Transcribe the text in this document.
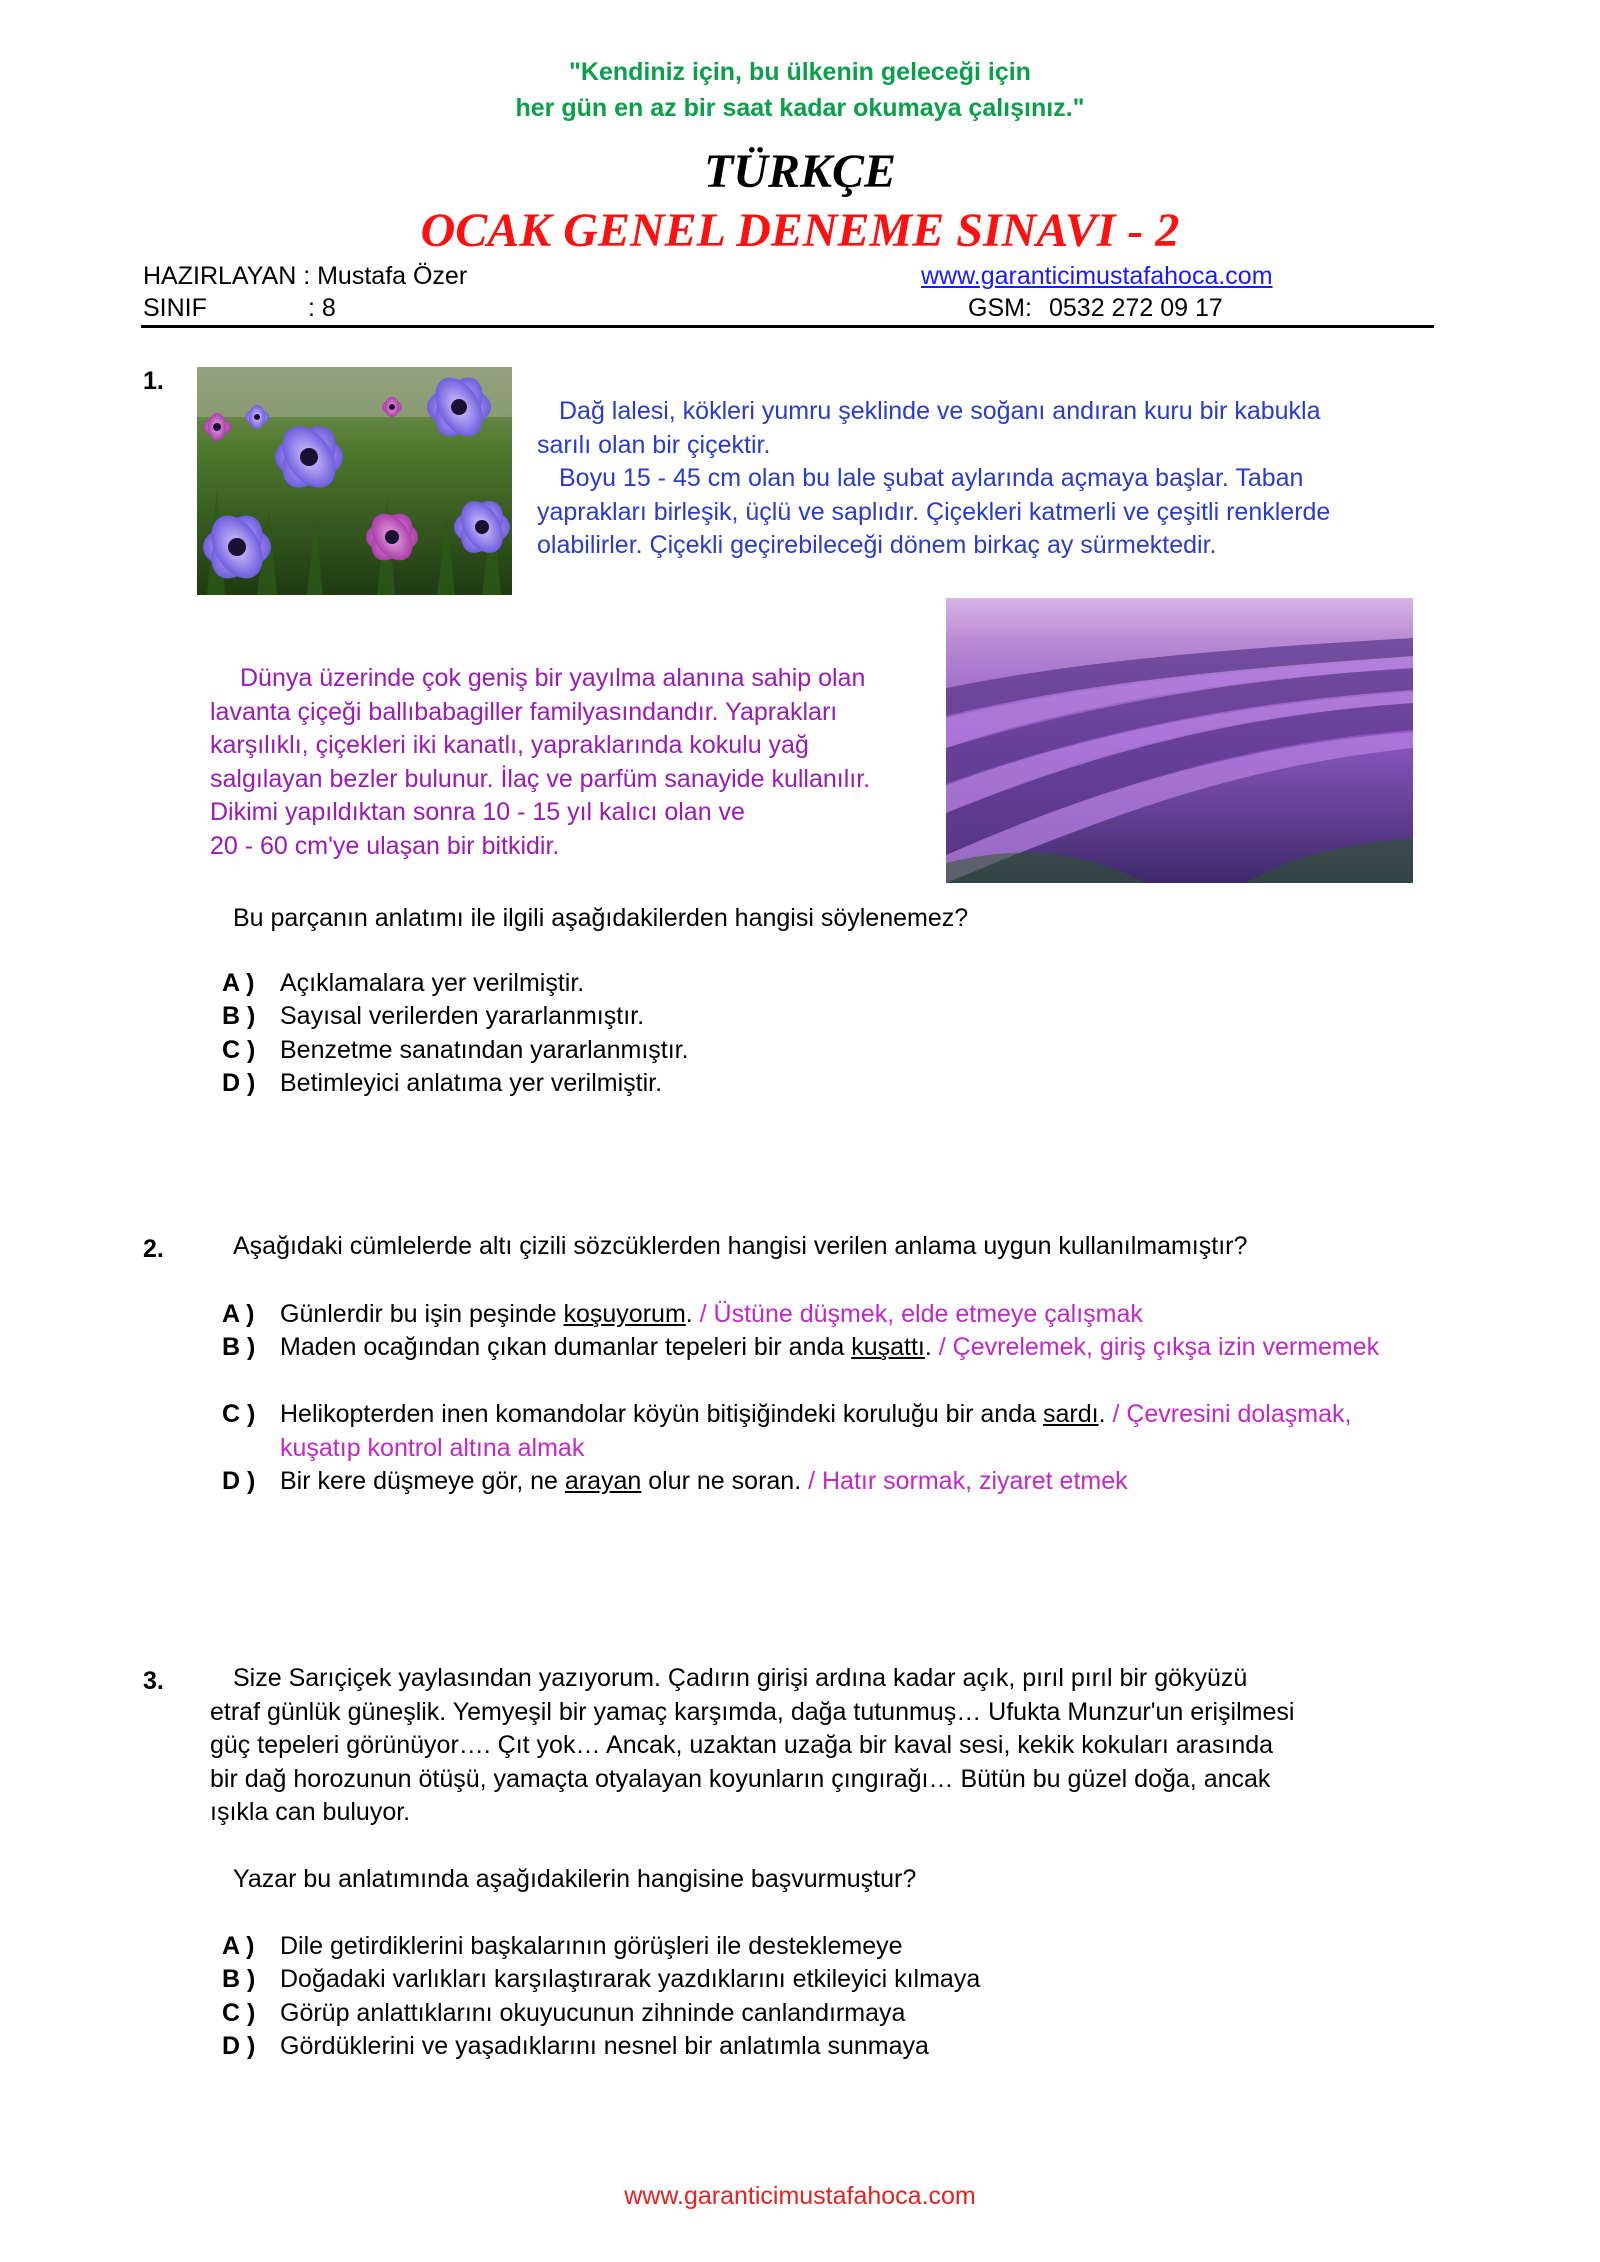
"Kendiniz için, bu ülkenin geleceği için
her gün en az bir saat kadar okumaya çalışınız."
TÜRKÇE
OCAK GENEL DENEME SINAVI - 2
HAZIRLAYAN : Mustafa Özer	www.garanticimustafahoca.com
SINIF	: 8	GSM: 0532 272 09 17
1.
Dağ lalesi, kökleri yumru şeklinde ve soğanı andıran kuru bir kabukla
sarılı olan bir çiçektir.
Boyu 15 - 45 cm olan bu lale şubat aylarında açmaya başlar. Taban
yaprakları birleşik, üçlü ve saplıdır. Çiçekleri katmerli ve çeşitli renklerde
olabilirler. Çiçekli geçirebileceği dönem birkaç ay sürmektedir.
Dünya üzerinde çok geniş bir yayılma alanına sahip olan
lavanta çiçeği ballıbabagiller familyasındandır. Yaprakları
karşılıklı, çiçekleri iki kanatlı, yapraklarında kokulu yağ
salgılayan bezler bulunur. İlaç ve parfüm sanayide kullanılır.
Dikimi yapıldıktan sonra 10 - 15 yıl kalıcı olan ve
20 - 60 cm'ye ulaşan bir bitkidir.
Bu parçanın anlatımı ile ilgili aşağıdakilerden hangisi söylenemez?
A ) Açıklamalara yer verilmiştir.
B ) Sayısal verilerden yararlanmıştır.
C ) Benzetme sanatından yararlanmıştır.
D ) Betimleyici anlatıma yer verilmiştir.
2.	Aşağıdaki cümlelerde altı çizili sözcüklerden hangisi verilen anlama uygun kullanılmamıştır?
A ) Günlerdir bu işin peşinde koşuyorum. / Üstüne düşmek, elde etmeye çalışmak
B ) Maden ocağından çıkan dumanlar tepeleri bir anda kuşattı. / Çevrelemek, giriş çıkşa izin vermemek
C ) Helikopterden inen komandolar köyün bitişiğindeki koruluğu bir anda sardı. / Çevresini dolaşmak, kuşatıp kontrol altına almak
D ) Bir kere düşmeye gör, ne arayan olur ne soran. / Hatır sormak, ziyaret etmek
3.	Size Sarıçiçek yaylasından yazıyorum. Çadırın girişi ardına kadar açık, pırıl pırıl bir gökyüzü
etraf günlük güneşlik. Yemyeşil bir yamaç karşımda, dağa tutunmuş… Ufukta Munzur'un erişilmesi
güç tepeleri görünüyor…. Çıt yok… Ancak, uzaktan uzağa bir kaval sesi, kekik kokuları arasında
bir dağ horozunun ötüşü, yamaçta otyalayan koyunların çıngırağı… Bütün bu güzel doğa, ancak
ışıkla can buluyor.
Yazar bu anlatımında aşağıdakilerin hangisine başvurmuştur?
A ) Dile getirdiklerini başkalarının görüşleri ile desteklemeye
B ) Doğadaki varlıkları karşılaştırarak yazdıklarını etkileyici kılmaya
C ) Görüp anlattıklarını okuyucunun zihninde canlandırmaya
D ) Gördüklerini ve yaşadıklarını nesnel bir anlatımla sunmaya
www.garanticimustafahoca.com
